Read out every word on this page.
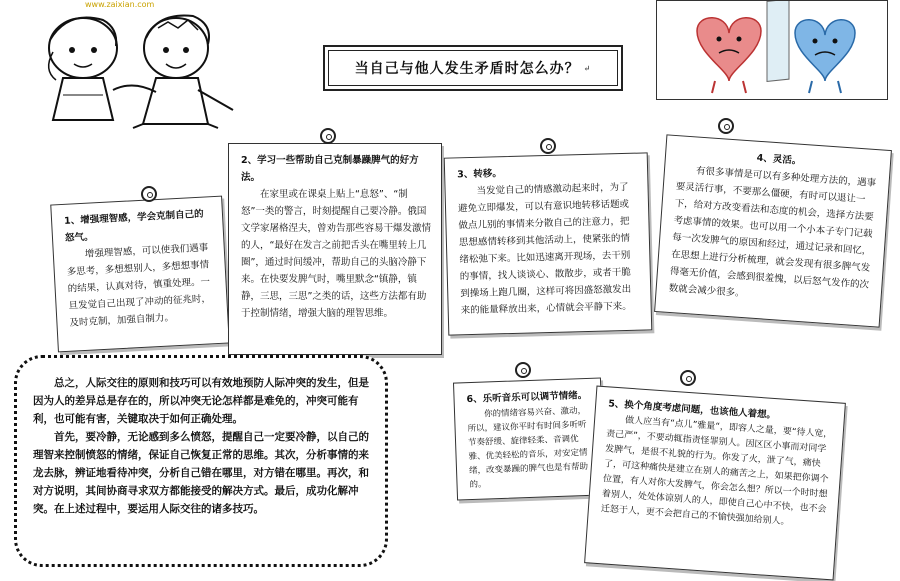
www.zaixian.com
当自己与他人发生矛盾时怎么办？ ↵
1、增强理智感，学会克制自己的怒气。
增强理智感，可以使我们遇事多思考，多想想别人，多想想事情的结果，认真对待，慎重处理。一旦发觉自己出现了冲动的征兆时，及时克制，加强自制力。
2、学习一些帮助自己克制暴躁脾气的好方法。
在家里或在课桌上贴上“息怒”、“制怒”一类的警言，时刻提醒自己要冷静。俄国文学家屠格涅夫，曾劝告那些容易干爆发激情的人，“最好在发言之前把舌头在嘴里转上几圈”，通过时间缓冲，帮助自己的头脑冷静下来。在快要发脾气时，嘴里默念“镇静，镇静，三思，三思”之类的话，这些方法都有助于控制情绪，增强大脑的理智思维。
3、转移。
当发觉自己的情感激动起来时，为了避免立即爆发，可以有意识地转移话题或做点儿别的事情来分散自己的注意力，把思想感情转移到其他活动上，使紧张的情绪松弛下来。比如迅速离开现场，去干别的事情，找人谈谈心、散散步，或者干脆到操场上跑几圈，这样可将因盛怒激发出来的能量释放出来，心情就会平静下来。
4、灵活。
有很多事情是可以有多种处理方法的，遇事要灵活行事，不要那么僵硬，有时可以退让一下，给对方改变看法和态度的机会，选择方法要考虑事情的效果。也可以用一个小本子专门记载每一次发脾气的原因和经过，通过记录和回忆，在思想上进行分析梳理，就会发现有很多脾气发得毫无价值，会感到很羞愧，以后怒气发作的次数就会减少很多。
6、乐听音乐可以调节情绪。
你的情绪容易兴奋、激动，所以，建议你平时有时间多听听节奏舒缓、旋律轻柔、音调优雅、优美轻松的音乐，对安定情绪，改变暴躁的脾气也是有帮助的。
5、换个角度考虑问题，也该他人着想。
做人应当有“点儿”雅量“，即容人之量，要“待人宽，责己严”，不要动辄指责怪罪别人。因区区小事而对同学发脾气，是很不礼貌的行为。你发了火，泄了气，痛快了，可这种痛快是建立在别人的痛苦之上，如果把你调个位置，有人对你大发脾气，你会怎么想？所以一个时时想着别人，处处体谅别人的人，即使自己心中不快，也不会迁怒于人，更不会把自己的不愉快强加给别人。

总之，人际交往的原则和技巧可以有效地预防人际冲突的发生，但是因为人的差异总是存在的，所以冲突无论怎样都是难免的，冲突可能有利，也可能有害，关键取决于如何正确处理。

首先，要冷静，无论感到多么愤怒，提醒自己一定要冷静，以自己的理智来控制愤怒的情绪，保证自己恢复正常的思维。其次，分析事情的来龙去脉，辨证地看待冲突，分析自己错在哪里，对方错在哪里。再次，和对方说明，其间协商寻求双方都能接受的解决方式。最后，成功化解冲突。在上述过程中，要运用人际交往的诸多技巧。
